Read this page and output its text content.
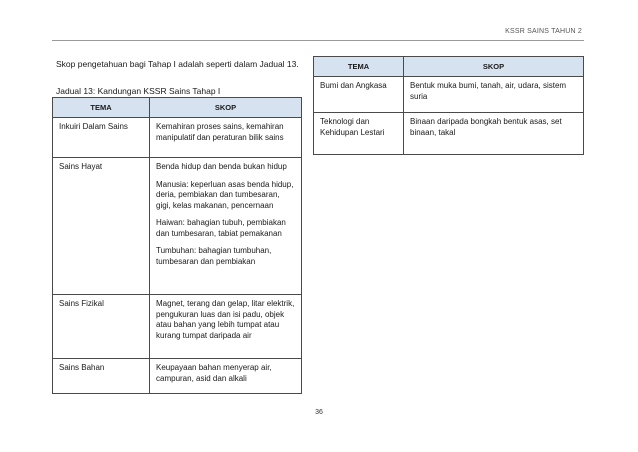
KSSR SAINS TAHUN 2
Skop pengetahuan bagi Tahap I adalah seperti dalam Jadual 13.
Jadual 13: Kandungan KSSR Sains Tahap I
TEMA	SKOP
Inkuiri Dalam Sains	Kemahiran proses sains, kemahiran manipulatif dan peraturan bilik sains

Sains Hayat	Benda hidup dan benda bukan hidup

Manusia: keperluan asas benda hidup, deria, pembiakan dan tumbesaran, gigi, kelas makanan, pencernaan

Haiwan: bahagian tubuh, pembiakan dan tumbesaran, tabiat pemakanan

Tumbuhan: bahagian tumbuhan, tumbesaran dan pembiakan

Sains Fizikal	Magnet, terang dan gelap, litar elektrik, pengukuran luas dan isi padu, objek atau bahan yang lebih tumpat atau kurang tumpat daripada air

Sains Bahan	Keupayaan bahan menyerap air, campuran, asid dan alkali

TEMA	SKOP
Bumi dan Angkasa	Bentuk muka bumi, tanah, air, udara, sistem suria

Teknologi dan Kehidupan Lestari	Binaan daripada bongkah bentuk asas, set binaan, takal

36
